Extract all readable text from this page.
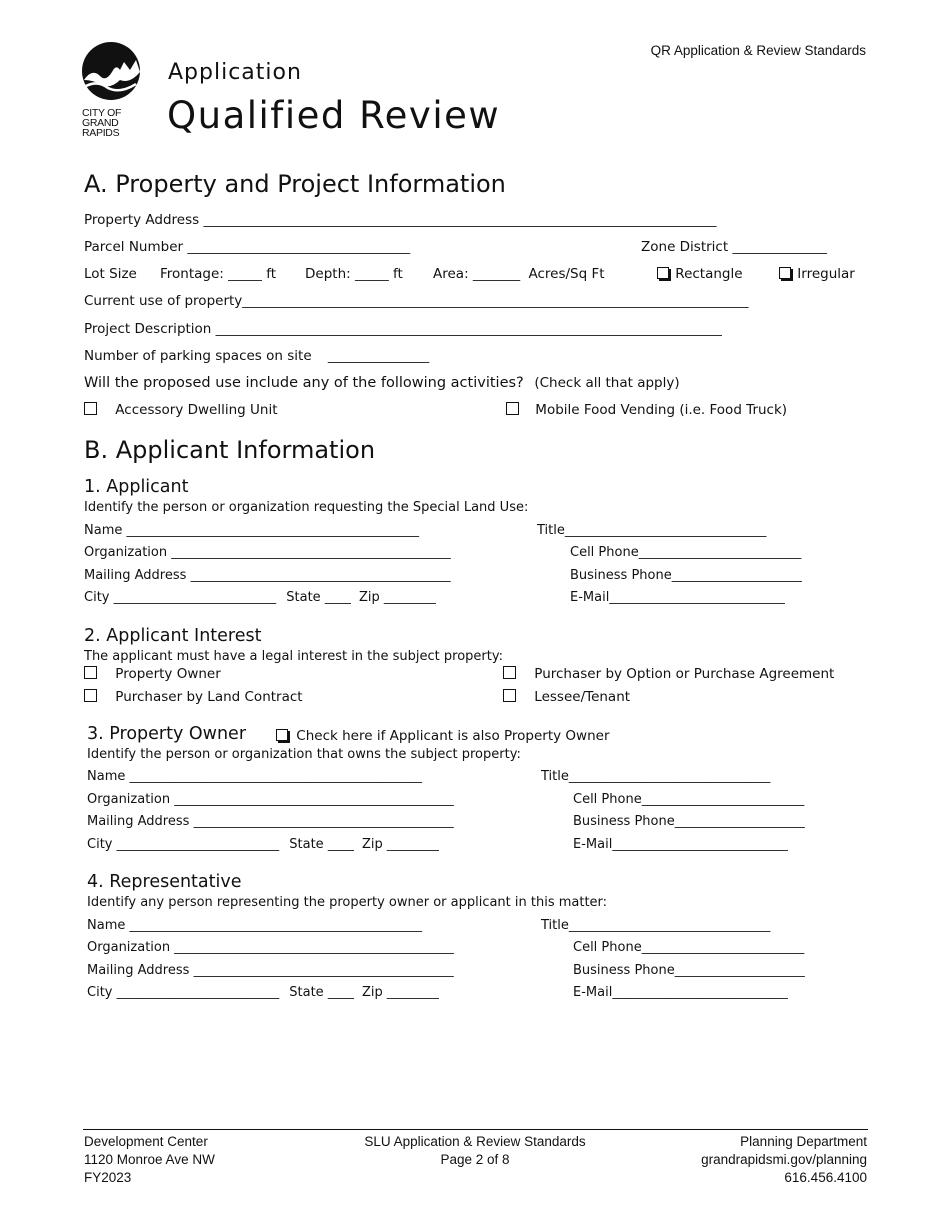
CITY OF
GRAND
RAPIDS
Application
Qualified Review
QR Application & Review Standards
A. Property and Project Information
Property Address ____________________________________________________________________________
Parcel Number _________________________________	Zone District ______________
Lot Size Frontage: _____ ft Depth: _____ ft Area: _______ Acres/Sq Ft	Rectangle	Irregular
Current use of property___________________________________________________________________________
Project Description ___________________________________________________________________________
Number of parking spaces on site _______________
Will the proposed use include any of the following activities? (Check all that apply)
Accessory Dwelling Unit	Mobile Food Vending (i.e. Food Truck)
B. Applicant Information
1. Applicant
Identify the person or organization requesting the Special Land Use:
Name _____________________________________________	Title_______________________________
Organization ___________________________________________	Cell Phone_________________________
Mailing Address ________________________________________	Business Phone____________________
City _________________________ State ____ Zip ________	E-Mail___________________________
2. Applicant Interest
The applicant must have a legal interest in the subject property:
Property Owner	Purchaser by Option or Purchase Agreement
Purchaser by Land Contract	Lessee/Tenant
3. Property Owner	Check here if Applicant is also Property Owner
Identify the person or organization that owns the subject property:
Name _____________________________________________	Title_______________________________
Organization ___________________________________________	Cell Phone_________________________
Mailing Address ________________________________________	Business Phone____________________
City _________________________ State ____ Zip ________	E-Mail___________________________
4. Representative
Identify any person representing the property owner or applicant in this matter:
Name _____________________________________________	Title_______________________________
Organization ___________________________________________	Cell Phone_________________________
Mailing Address ________________________________________	Business Phone____________________
City _________________________ State ____ Zip ________	E-Mail___________________________
Development Center
1120 Monroe Ave NW
FY2023
SLU Application & Review Standards
Page 2 of 8
Planning Department
grandrapidsmi.gov/planning
616.456.4100
